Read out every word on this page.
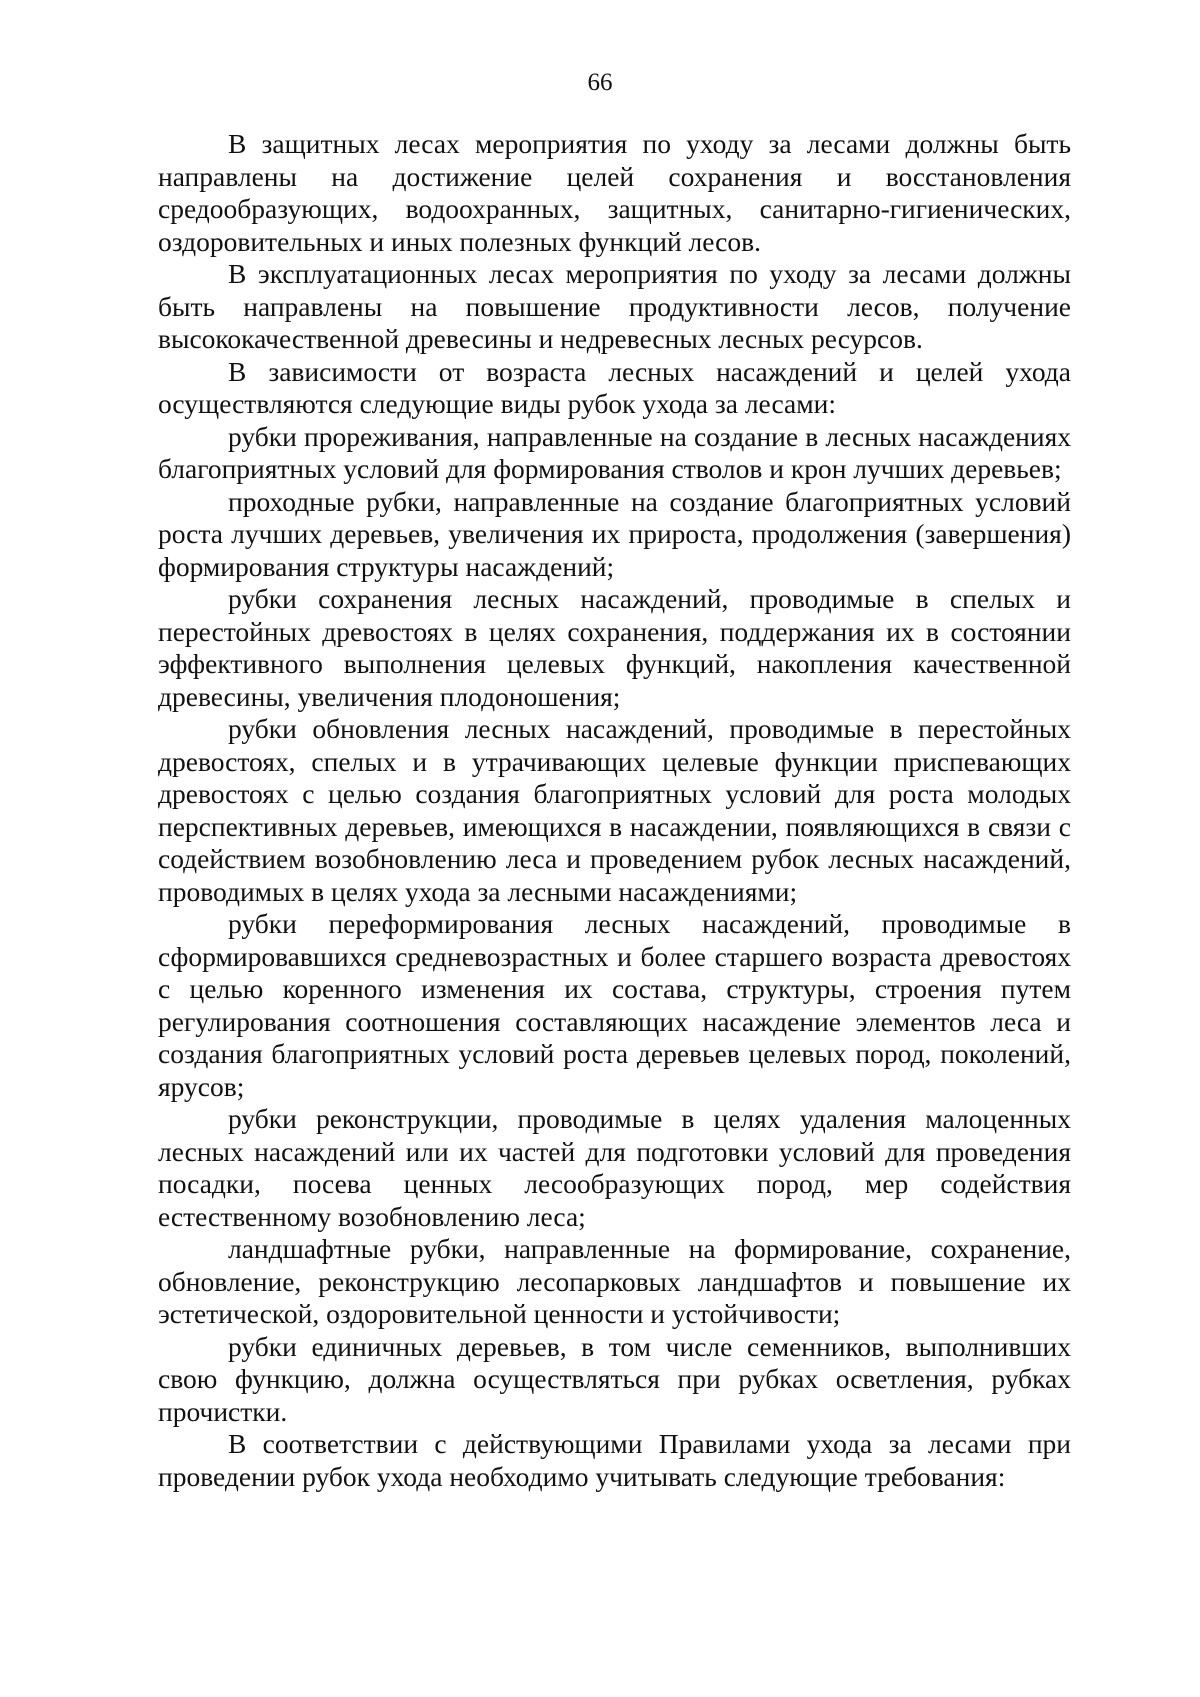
66

В защитных лесах мероприятия по уходу за лесами должны быть направлены на достижение целей сохранения и восстановления средообразующих, водоохранных, защитных, санитарно-гигиенических, оздоровительных и иных полезных функций лесов.

В эксплуатационных лесах мероприятия по уходу за лесами должны быть направлены на повышение продуктивности лесов, получение высококачественной древесины и недревесных лесных ресурсов.

В зависимости от возраста лесных насаждений и целей ухода осуществляются следующие виды рубок ухода за лесами:

рубки прореживания, направленные на создание в лесных насаждениях благоприятных условий для формирования стволов и крон лучших деревьев;

проходные рубки, направленные на создание благоприятных условий роста лучших деревьев, увеличения их прироста, продолжения (завершения) формирования структуры насаждений;

рубки сохранения лесных насаждений, проводимые в спелых и перестойных древостоях в целях сохранения, поддержания их в состоянии эффективного выполнения целевых функций, накопления качественной древесины, увеличения плодоношения;

рубки обновления лесных насаждений, проводимые в перестойных древостоях, спелых и в утрачивающих целевые функции приспевающих древостоях с целью создания благоприятных условий для роста молодых перспективных деревьев, имеющихся в насаждении, появляющихся в связи с содействием возобновлению леса и проведением рубок лесных насаждений, проводимых в целях ухода за лесными насаждениями;

рубки переформирования лесных насаждений, проводимые в сформировавшихся средневозрастных и более старшего возраста древостоях с целью коренного изменения их состава, структуры, строения путем регулирования соотношения составляющих насаждение элементов леса и создания благоприятных условий роста деревьев целевых пород, поколений, ярусов;

рубки реконструкции, проводимые в целях удаления малоценных лесных насаждений или их частей для подготовки условий для проведения посадки, посева ценных лесообразующих пород, мер содействия естественному возобновлению леса;

ландшафтные рубки, направленные на формирование, сохранение, обновление, реконструкцию лесопарковых ландшафтов и повышение их эстетической, оздоровительной ценности и устойчивости;

рубки единичных деревьев, в том числе семенников, выполнивших свою функцию, должна осуществляться при рубках осветления, рубках прочистки.

В соответствии с действующими Правилами ухода за лесами при проведении рубок ухода необходимо учитывать следующие требования:
